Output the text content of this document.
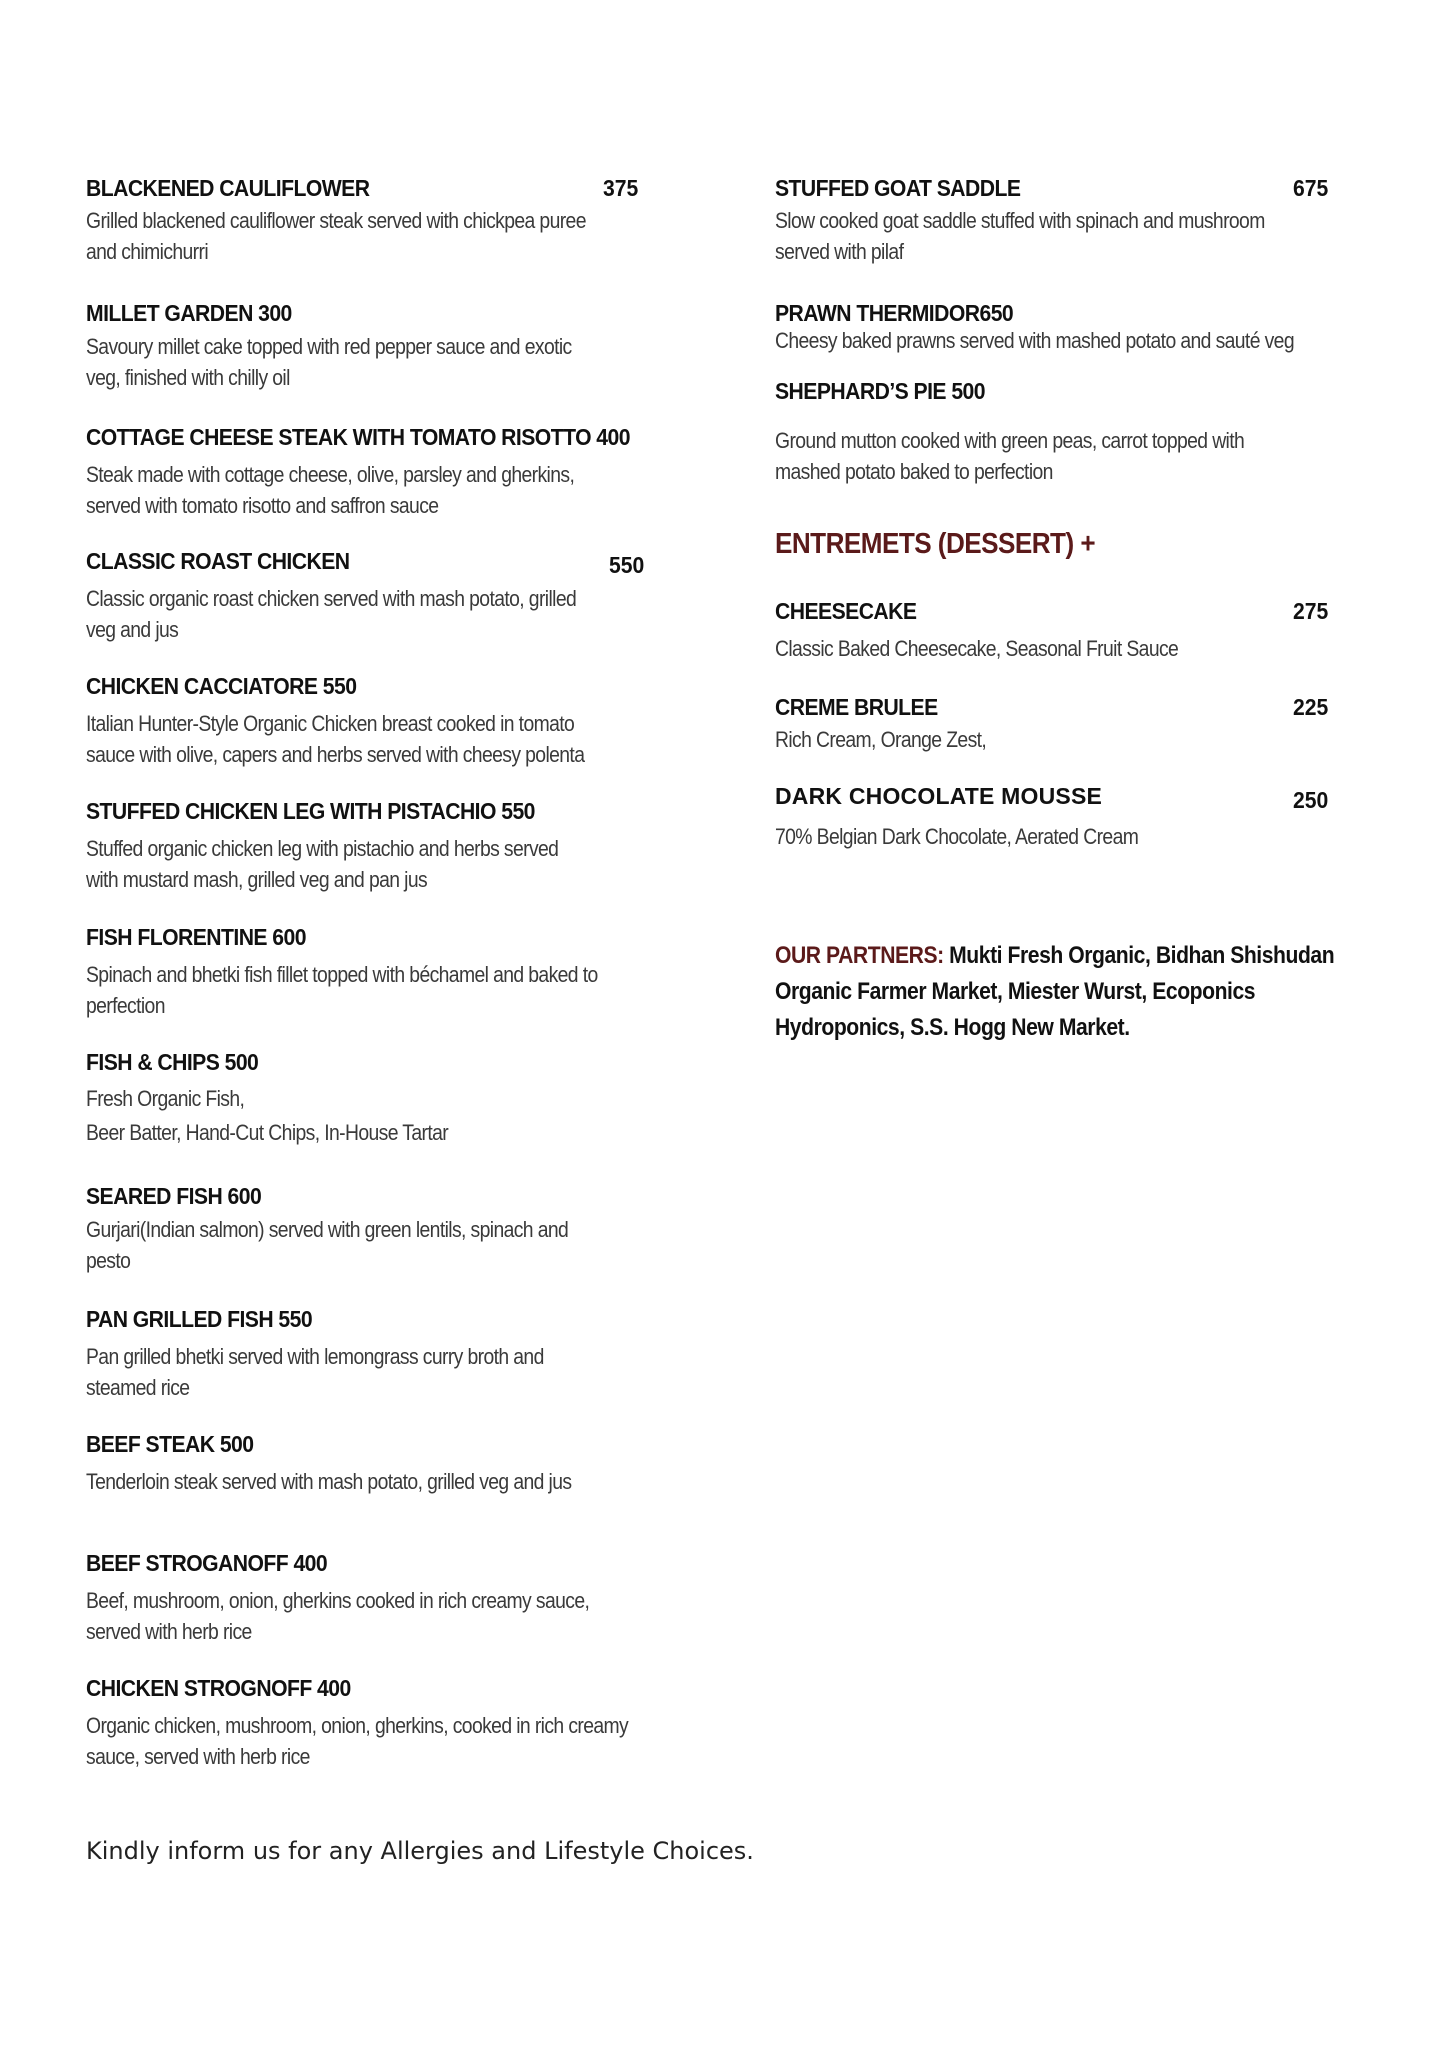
BLACKENED CAULIFLOWER	375
Grilled blackened cauliflower steak served with chickpea puree
and chimichurri
MILLET GARDEN 300
Savoury millet cake topped with red pepper sauce and exotic
veg, finished with chilly oil
COTTAGE CHEESE STEAK WITH TOMATO RISOTTO 400
Steak made with cottage cheese, olive, parsley and gherkins,
served with tomato risotto and saffron sauce
CLASSIC ROAST CHICKEN	550
Classic organic roast chicken served with mash potato, grilled
veg and jus
CHICKEN CACCIATORE 550
Italian Hunter-Style Organic Chicken breast cooked in tomato
sauce with olive, capers and herbs served with cheesy polenta
STUFFED CHICKEN LEG WITH PISTACHIO 550
Stuffed organic chicken leg with pistachio and herbs served
with mustard mash, grilled veg and pan jus
FISH FLORENTINE 600
Spinach and bhetki fish fillet topped with béchamel and baked to
perfection
FISH & CHIPS 500
Fresh Organic Fish,
Beer Batter, Hand-Cut Chips, In-House Tartar
SEARED FISH 600
Gurjari(Indian salmon) served with green lentils, spinach and
pesto
PAN GRILLED FISH 550
Pan grilled bhetki served with lemongrass curry broth and
steamed rice
BEEF STEAK 500
Tenderloin steak served with mash potato, grilled veg and jus
BEEF STROGANOFF 400
Beef, mushroom, onion, gherkins cooked in rich creamy sauce,
served with herb rice
CHICKEN STROGNOFF 400
Organic chicken, mushroom, onion, gherkins, cooked in rich creamy
sauce, served with herb rice
STUFFED GOAT SADDLE	675
Slow cooked goat saddle stuffed with spinach and mushroom
served with pilaf
PRAWN THERMIDOR650
Cheesy baked prawns served with mashed potato and sauté veg
SHEPHARD’S PIE 500
Ground mutton cooked with green peas, carrot topped with
mashed potato baked to perfection
ENTREMETS (DESSERT) +
CHEESECAKE	275
Classic Baked Cheesecake, Seasonal Fruit Sauce
CREME BRULEE	225
Rich Cream, Orange Zest,
DARK CHOCOLATE MOUSSE	250
70% Belgian Dark Chocolate, Aerated Cream
OUR PARTNERS: Mukti Fresh Organic, Bidhan Shishudan Organic Farmer Market, Miester Wurst, Ecoponics Hydroponics, S.S. Hogg New Market.
Kindly inform us for any Allergies and Lifestyle Choices.
